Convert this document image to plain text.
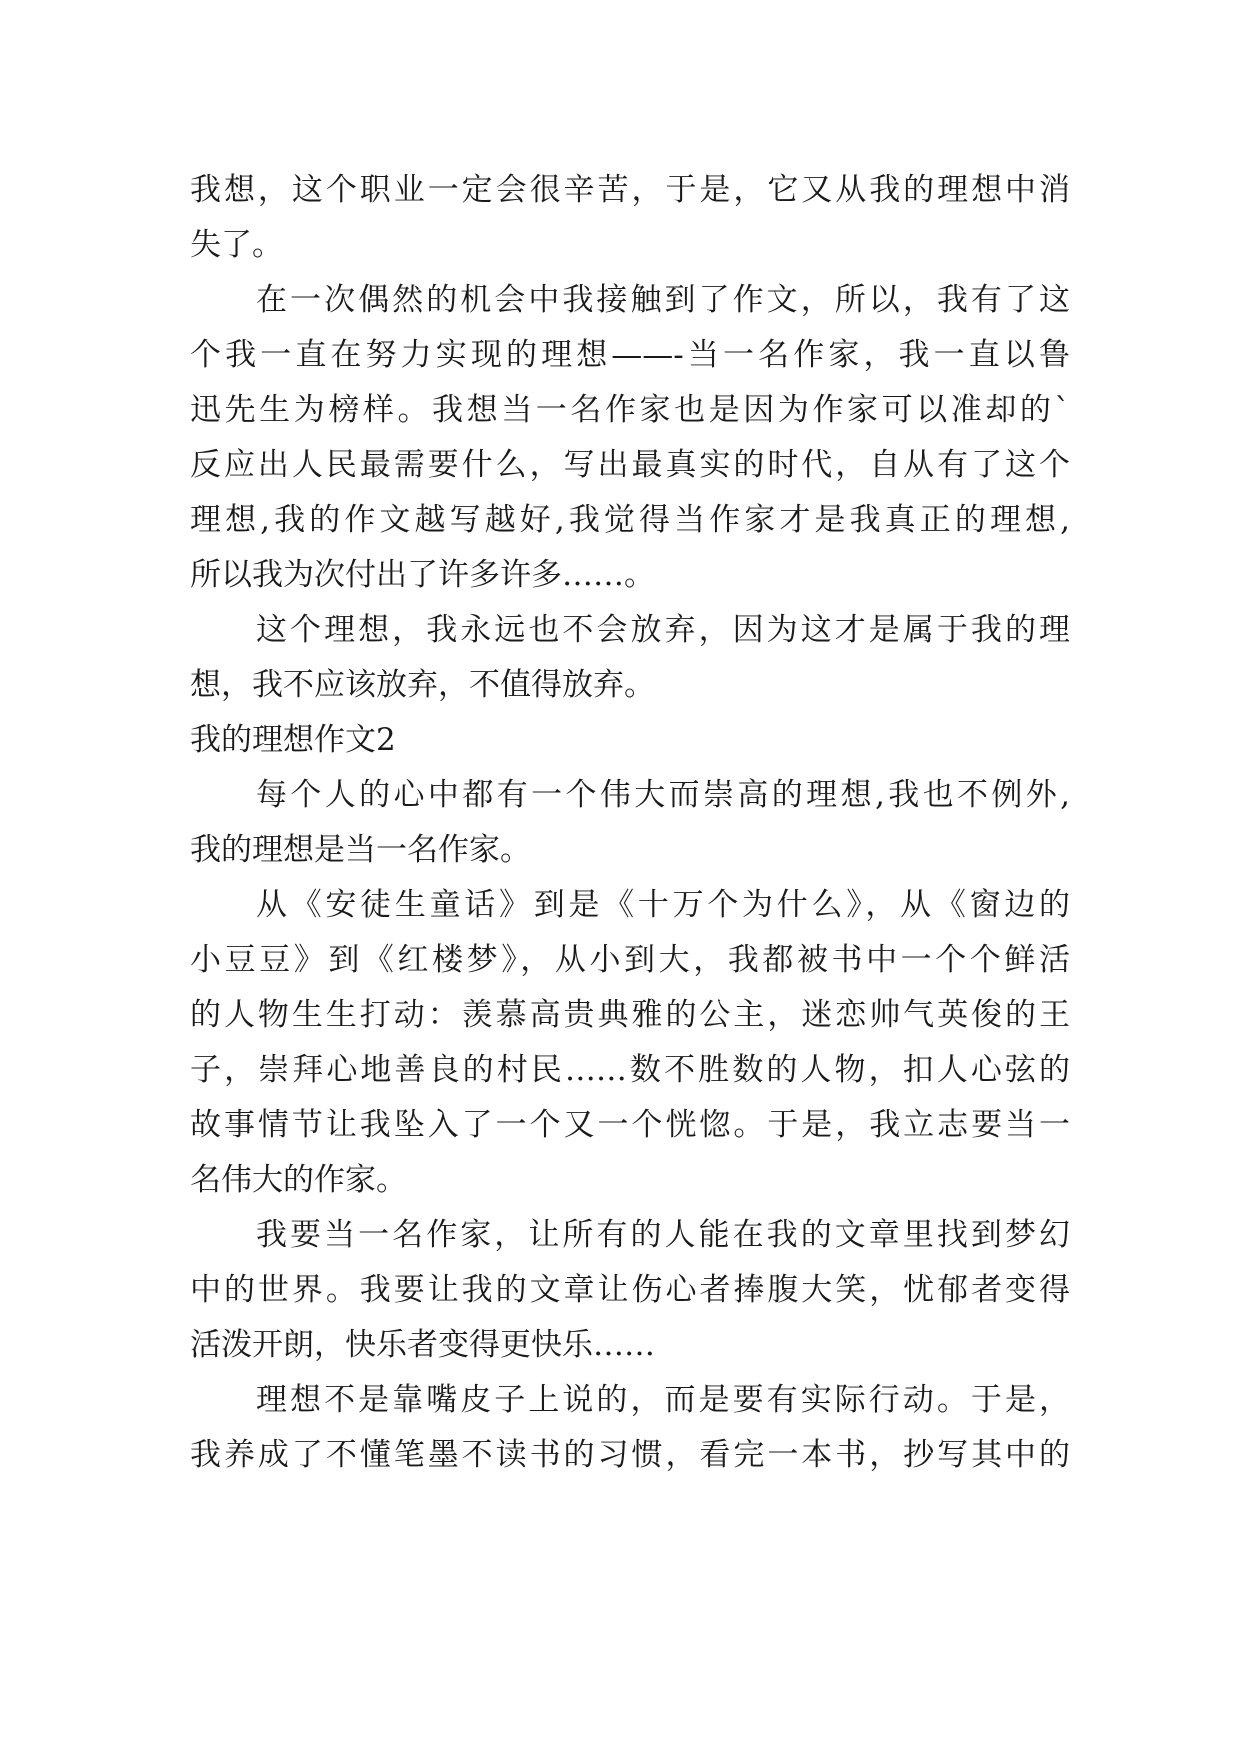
我想，这个职业一定会很辛苦，于是，它又从我的理想中消
失了。
在一次偶然的机会中我接触到了作文，所以，我有了这
个我一直在努力实现的理想——-当一名作家，我一直以鲁
迅先生为榜样。我想当一名作家也是因为作家可以准却的`
反应出人民最需要什么，写出最真实的时代，自从有了这个
理想,我的作文越写越好,我觉得当作家才是我真正的理想,
所以我为次付出了许多许多……。
这个理想，我永远也不会放弃，因为这才是属于我的理
想，我不应该放弃，不值得放弃。
我的理想作文2
每个人的心中都有一个伟大而崇高的理想,我也不例外,
我的理想是当一名作家。
从《安徒生童话》到是《十万个为什么》，从《窗边的
小豆豆》到《红楼梦》，从小到大，我都被书中一个个鲜活
的人物生生打动：羡慕高贵典雅的公主，迷恋帅气英俊的王
子，崇拜心地善良的村民……数不胜数的人物，扣人心弦的
故事情节让我坠入了一个又一个恍惚。于是，我立志要当一
名伟大的作家。
我要当一名作家，让所有的人能在我的文章里找到梦幻
中的世界。我要让我的文章让伤心者捧腹大笑，忧郁者变得
活泼开朗，快乐者变得更快乐……
理想不是靠嘴皮子上说的，而是要有实际行动。于是，
我养成了不懂笔墨不读书的习惯，看完一本书，抄写其中的
